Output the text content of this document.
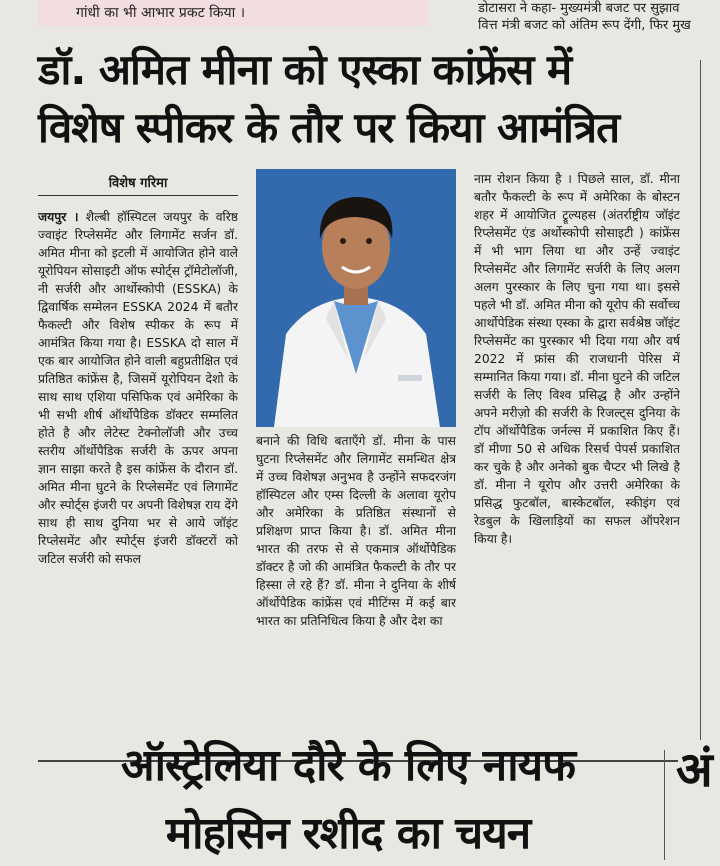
गांधी का भी आभार प्रकट किया ।	डोटासरा ने कहा- मुख्यमंत्री बजट पर सुझाव
वित्त मंत्री बजट को अंतिम रूप देंगी, फिर मुख
डॉ. अमित मीना को एस्का कांफ्रेंस में
विशेष स्पीकर के तौर पर किया आमंत्रित
विशेष गरिमा

जयपुर । शैल्बी हॉस्पिटल जयपुर के वरिष्ठ ज्वाइंट रिप्लेसमेंट और लिगामेंट सर्जन डॉ. अमित मीना को इटली में आयोजित होने वाले यूरोपियन सोसाइटी ऑफ स्पोर्ट्स ट्रॉमेटोलॉजी, नी सर्जरी और आर्थोस्कोपी (ESSKA) के द्विवार्षिक सम्मेलन ESSKA 2024 में बतौर फैकल्टी और विशेष स्पीकर के रूप में आमंत्रित किया गया है। ESSKA दो साल में एक बार आयोजित होने वाली बहुप्रतीक्षित एवं प्रतिष्ठित कांफ्रेंस है, जिसमें यूरोपियन देशो के साथ साथ एशिया पसिफिक एवं अमेरिका के भी सभी शीर्ष ऑर्थोपैडिक डॉक्टर सम्मलित होते है और लेटेस्ट टेक्नोलॉजी और उच्च स्तरीय ऑर्थोपैडिक सर्जरी के ऊपर अपना ज्ञान साझा करते है इस कांफ्रेंस के दौरान डॉ. अमित मीना घुटने के रिप्लेसमेंट एवं लिगामेंट और स्पोर्ट्स इंजरी पर अपनी विशेषज्ञ राय देंगे साथ ही साथ दुनिया भर से आये जॉइंट रिप्लेसमेंट और स्पोर्ट्स इंजरी डॉक्टरों को जटिल सर्जरी को सफल

बनाने की विधि बताएँगे डॉ. मीना के पास घुटना रिप्लेसमेंट और लिगामेंट समन्धित क्षेत्र में उच्च विशेषज्ञ अनुभव है उन्होंने सफदरजंग हॉस्पिटल और एम्स दिल्ली के अलावा यूरोप और अमेरिका के प्रतिष्ठित संस्थानों से प्रशिक्षण प्राप्त किया है। डॉ. अमित मीना भारत की तरफ से से एकमात्र ऑर्थोपैडिक डॉक्टर है जो की आमंत्रित फैकल्टी के तौर पर हिस्सा ले रहे हैं? डॉ. मीना ने दुनिया के शीर्ष ऑर्थोपैडिक कांफ्रेंस एवं मीटिंग्स में कई बार भारत का प्रतिनिधित्व किया है और देश का

नाम रोशन किया है । पिछले साल, डॉ. मीना बतौर फैकल्टी के रूप में अमेरिका के बोस्टन शहर में आयोजित ट्रूल्यहस (अंतर्राष्ट्रीय जॉइंट रिप्लेसमेंट एंड अर्थोस्कोपी सोसाइटी ) कांफ्रेंस में भी भाग लिया था और उन्हें ज्वाइंट रिप्लेसमेंट और लिगामेंट सर्जरी के लिए अलग अलग पुरस्कार के लिए चुना गया था। इससे पहले भी डॉ. अमित मीना को यूरोप की सर्वोच्च आर्थोपेडिक संस्था एस्का के द्वारा सर्वश्रेष्ठ जॉइंट रिप्लेसमेंट का पुरस्कार भी दिया गया और वर्ष 2022 में फ्रांस की राजधानी पेरिस में सम्मानित किया गया। डॉ. मीना घुटने की जटिल सर्जरी के लिए विश्व प्रसिद्ध है और उन्होंने अपने मरीज़ो की सर्जरी के रिजल्ट्स दुनिया के टॉप ऑर्थोपैडिक जर्नल्स में प्रकाशित किए हैं। डॉ मीणा 50 से अधिक रिसर्च पेपर्स प्रकाशित कर चुके है और अनेको बुक चैप्टर भी लिखे है डॉ. मीना ने यूरोप और उत्तरी अमेरिका के प्रसिद्ध फुटबॉल, बास्केटबॉल, स्कीइंग एवं रेडबुल के खिलाड़ियों का सफल ऑपरेशन किया है।

ऑस्ट्रेलिया दौरे के लिए नायफ
मोहसिन रशीद का चयन
अं
